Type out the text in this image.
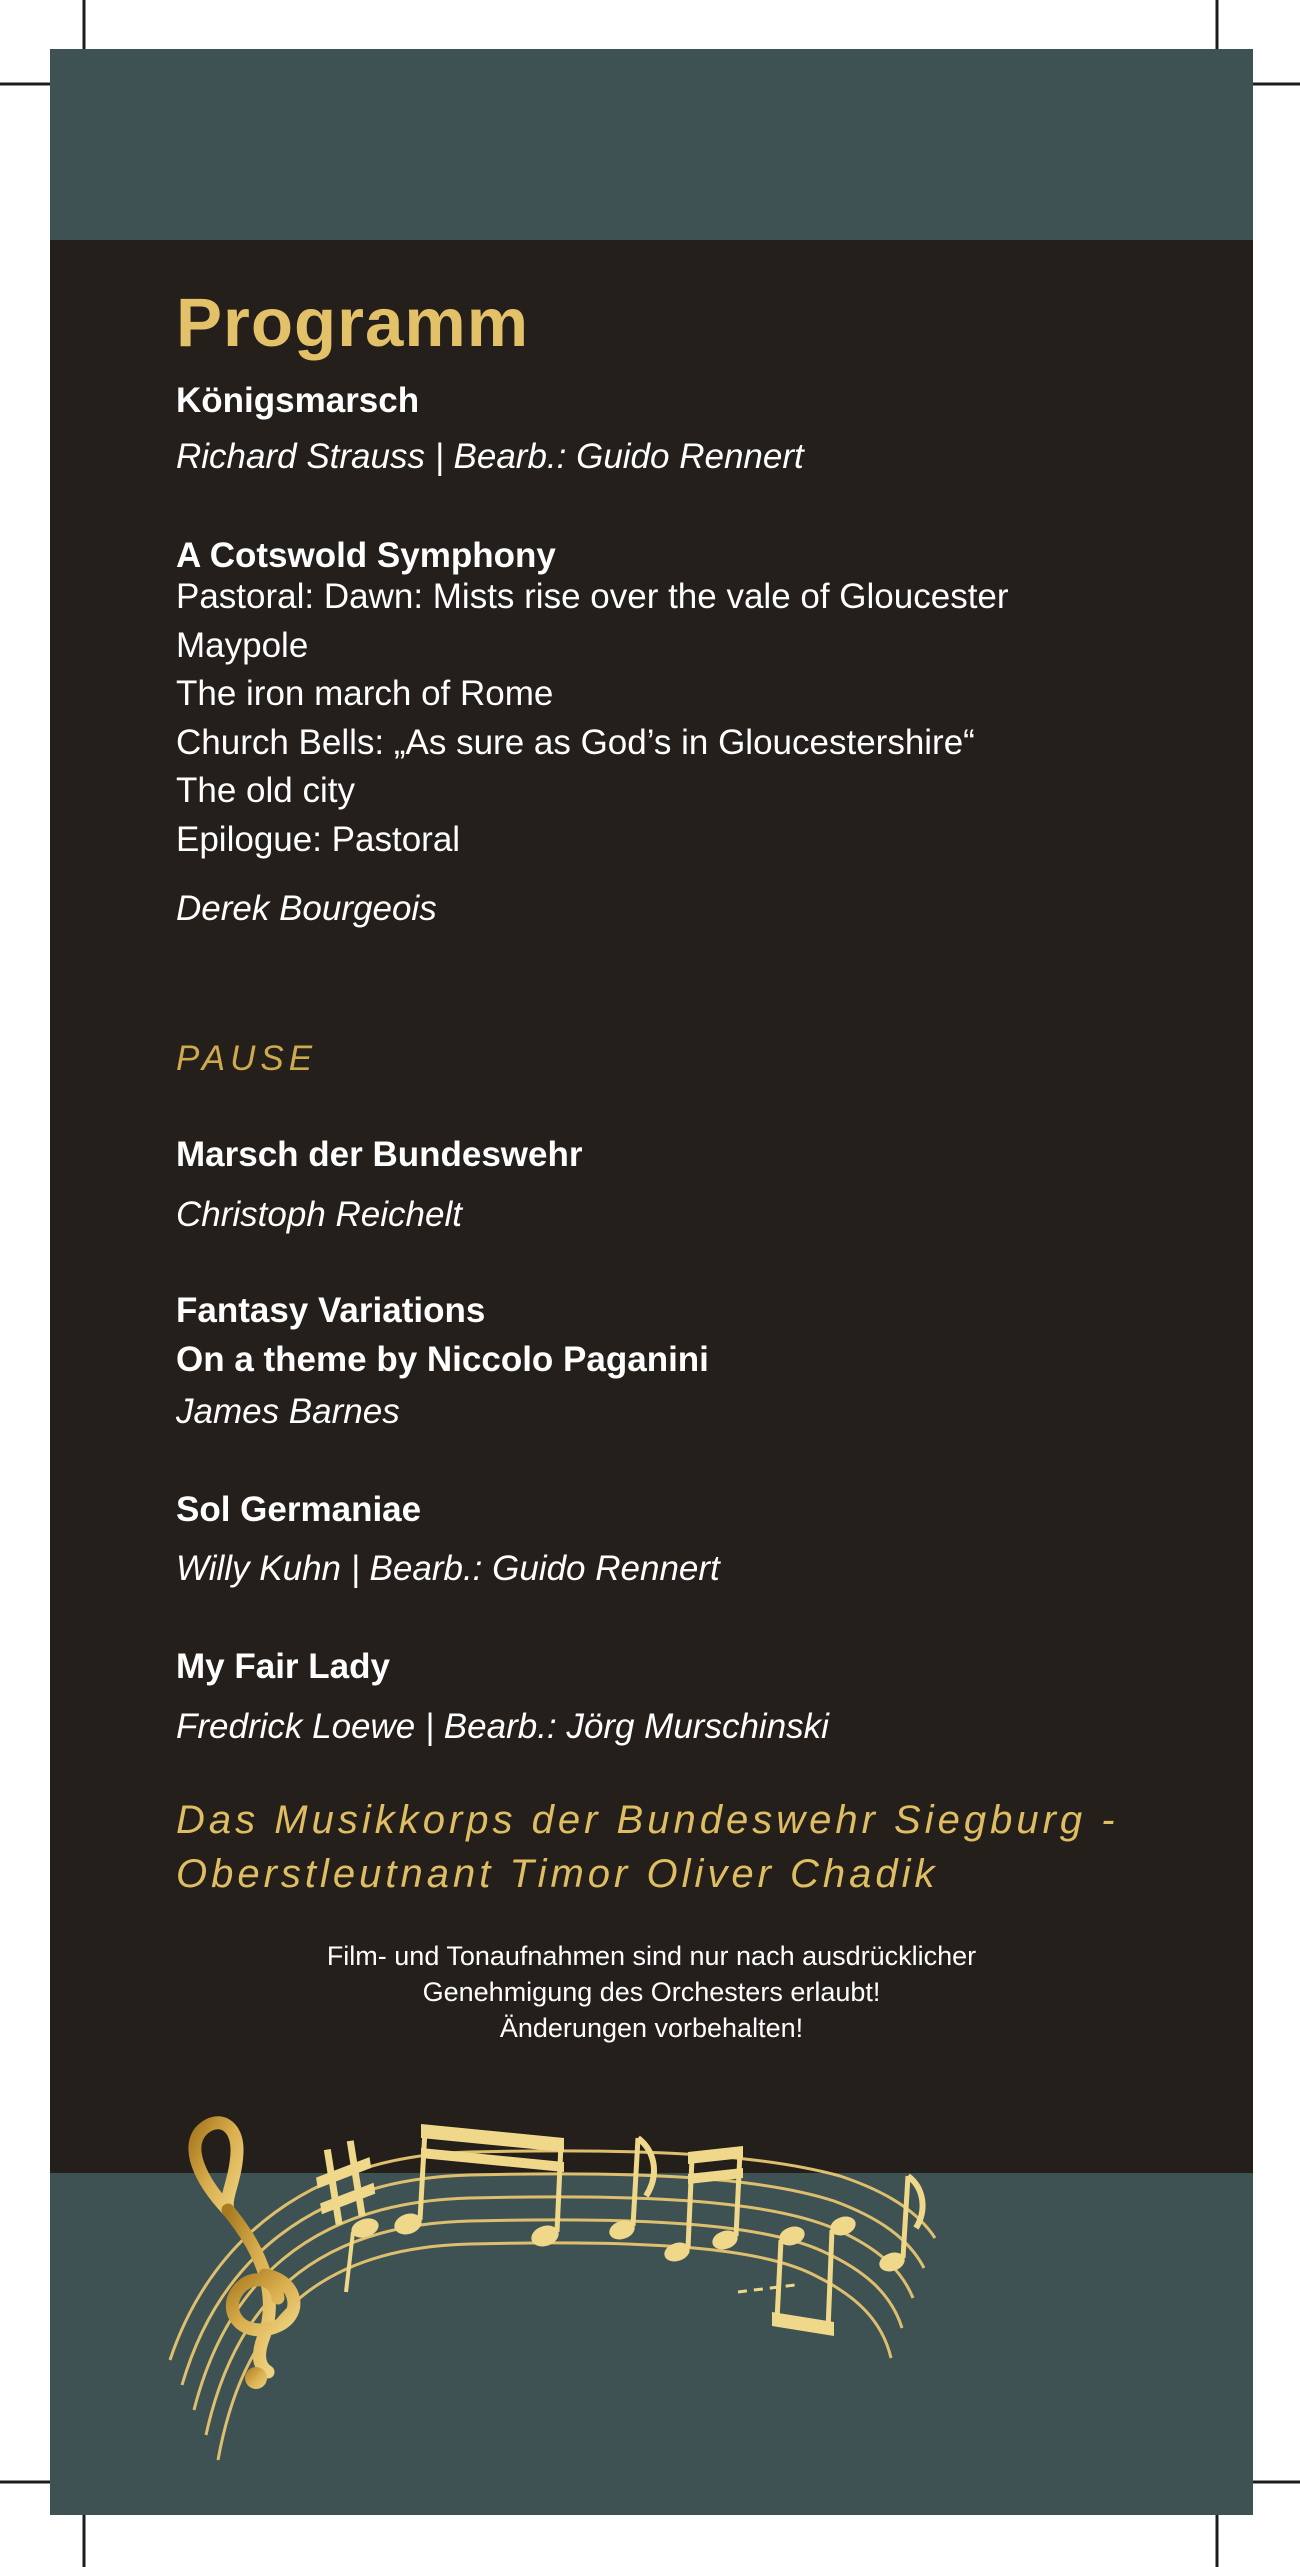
Programm
Königsmarsch
Richard Strauss | Bearb.: Guido Rennert
A Cotswold Symphony
Pastoral: Dawn: Mists rise over the vale of Gloucester
Maypole
The iron march of Rome
Church Bells: „As sure as God’s in Gloucestershire“
The old city
Epilogue: Pastoral
Derek Bourgeois
PAUSE
Marsch der Bundeswehr
Christoph Reichelt
Fantasy Variations
On a theme by Niccolo Paganini
James Barnes
Sol Germaniae
Willy Kuhn | Bearb.: Guido Rennert
My Fair Lady
Fredrick Loewe | Bearb.: Jörg Murschinski
Das Musikkorps der Bundeswehr Siegburg -
Oberstleutnant Timor Oliver Chadik
Film- und Tonaufnahmen sind nur nach ausdrücklicher
Genehmigung des Orchesters erlaubt!
Änderungen vorbehalten!
